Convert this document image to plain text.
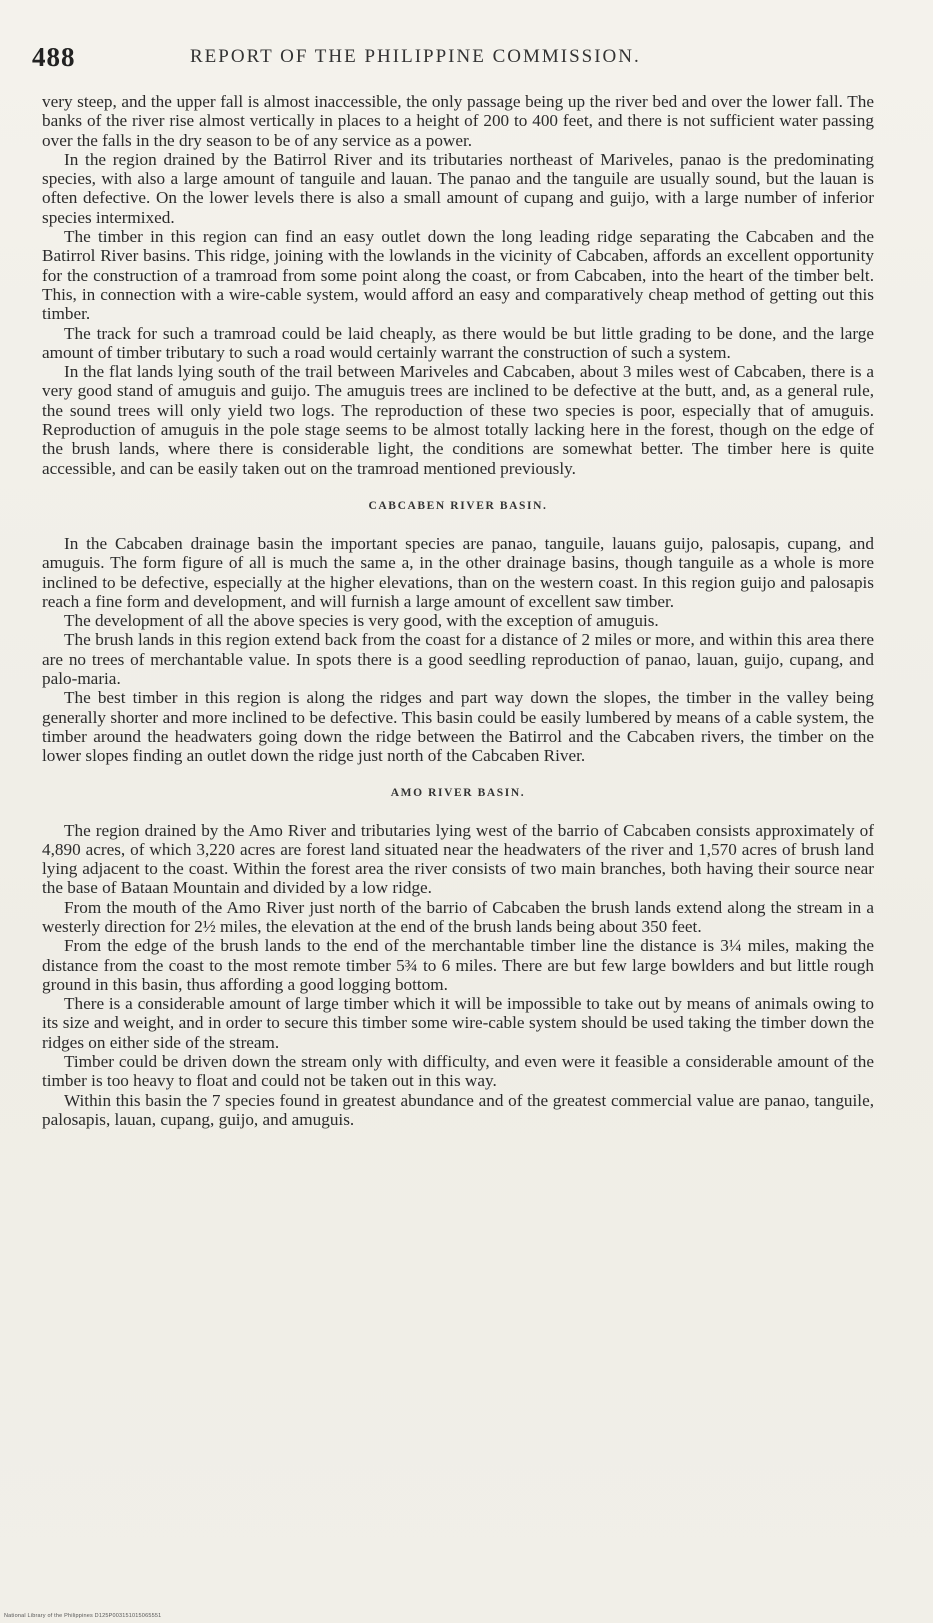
488	REPORT OF THE PHILIPPINE COMMISSION.

very steep, and the upper fall is almost inaccessible, the only passage being up the river bed and over the lower fall. The banks of the river rise almost vertically in places to a height of 200 to 400 feet, and there is not sufficient water passing over the falls in the dry season to be of any service as a power.

In the region drained by the Batirrol River and its tributaries northeast of Mariveles, panao is the predominating species, with also a large amount of tanguile and lauan. The panao and the tanguile are usually sound, but the lauan is often defective. On the lower levels there is also a small amount of cupang and guijo, with a large number of inferior species intermixed.

The timber in this region can find an easy outlet down the long leading ridge separating the Cabcaben and the Batirrol River basins. This ridge, joining with the lowlands in the vicinity of Cabcaben, affords an excellent opportunity for the construction of a tramroad from some point along the coast, or from Cabcaben, into the heart of the timber belt. This, in connection with a wire-cable system, would afford an easy and comparatively cheap method of getting out this timber.

The track for such a tramroad could be laid cheaply, as there would be but little grading to be done, and the large amount of timber tributary to such a road would certainly warrant the construction of such a system.

In the flat lands lying south of the trail between Mariveles and Cabcaben, about 3 miles west of Cabcaben, there is a very good stand of amuguis and guijo. The amuguis trees are inclined to be defective at the butt, and, as a general rule, the sound trees will only yield two logs. The reproduction of these two species is poor, especially that of amuguis. Reproduction of amuguis in the pole stage seems to be almost totally lacking here in the forest, though on the edge of the brush lands, where there is considerable light, the conditions are somewhat better. The timber here is quite accessible, and can be easily taken out on the tramroad mentioned previously.

CABCABEN RIVER BASIN.

In the Cabcaben drainage basin the important species are panao, tanguile, lauans guijo, palosapis, cupang, and amuguis. The form figure of all is much the same a, in the other drainage basins, though tanguile as a whole is more inclined to be defective, especially at the higher elevations, than on the western coast. In this region guijo and palosapis reach a fine form and development, and will furnish a large amount of excellent saw timber.

The development of all the above species is very good, with the exception of amuguis.

The brush lands in this region extend back from the coast for a distance of 2 miles or more, and within this area there are no trees of merchantable value. In spots there is a good seedling reproduction of panao, lauan, guijo, cupang, and palo-maria.

The best timber in this region is along the ridges and part way down the slopes, the timber in the valley being generally shorter and more inclined to be defective. This basin could be easily lumbered by means of a cable system, the timber around the headwaters going down the ridge between the Batirrol and the Cabcaben rivers, the timber on the lower slopes finding an outlet down the ridge just north of the Cabcaben River.

AMO RIVER BASIN.

The region drained by the Amo River and tributaries lying west of the barrio of Cabcaben consists approximately of 4,890 acres, of which 3,220 acres are forest land situated near the headwaters of the river and 1,570 acres of brush land lying adjacent to the coast. Within the forest area the river consists of two main branches, both having their source near the base of Bataan Mountain and divided by a low ridge.

From the mouth of the Amo River just north of the barrio of Cabcaben the brush lands extend along the stream in a westerly direction for 2½ miles, the elevation at the end of the brush lands being about 350 feet.

From the edge of the brush lands to the end of the merchantable timber line the distance is 3¼ miles, making the distance from the coast to the most remote timber 5¾ to 6 miles. There are but few large bowlders and but little rough ground in this basin, thus affording a good logging bottom.

There is a considerable amount of large timber which it will be impossible to take out by means of animals owing to its size and weight, and in order to secure this timber some wire-cable system should be used taking the timber down the ridges on either side of the stream.

Timber could be driven down the stream only with difficulty, and even were it feasible a considerable amount of the timber is too heavy to float and could not be taken out in this way.

Within this basin the 7 species found in greatest abundance and of the greatest commercial value are panao, tanguile, palosapis, lauan, cupang, guijo, and amuguis.

National Library of the Philippines D125P003151015065551
